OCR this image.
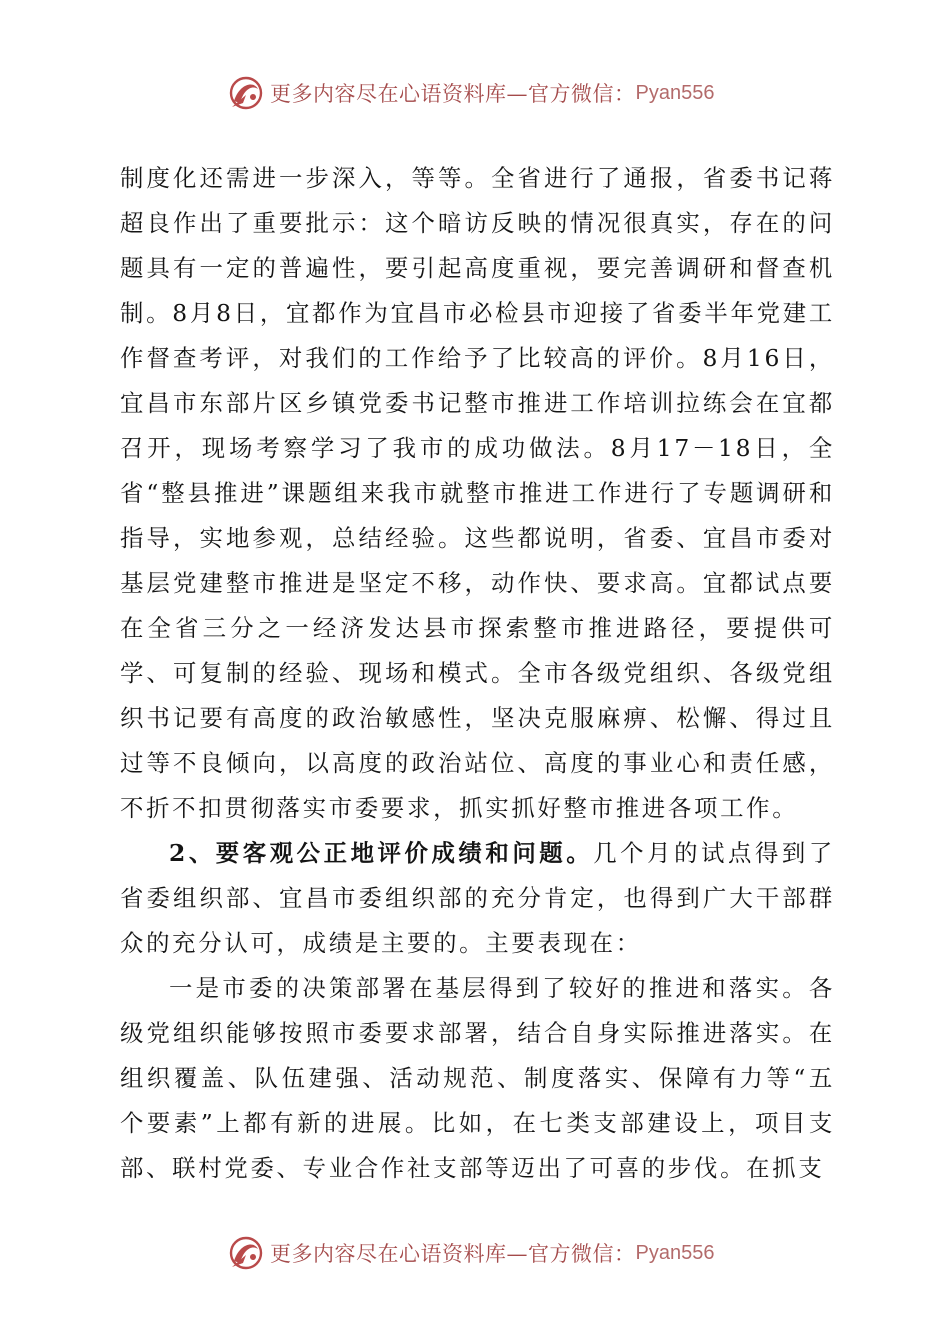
更多内容尽在心语资料库—官方微信： Pyan556

制度化还需进一步深入，等等。全省进行了通报，省委书记蒋超良作出了重要批示：这个暗访反映的情况很真实，存在的问题具有一定的普遍性，要引起高度重视，要完善调研和督查机制。8月8日，宜都作为宜昌市必检县市迎接了省委半年党建工作督查考评，对我们的工作给予了比较高的评价。8月16日，宜昌市东部片区乡镇党委书记整市推进工作培训拉练会在宜都召开，现场考察学习了我市的成功做法。8月17－18日，全省“整县推进”课题组来我市就整市推进工作进行了专题调研和指导，实地参观，总结经验。这些都说明，省委、宜昌市委对基层党建整市推进是坚定不移，动作快、要求高。宜都试点要在全省三分之一经济发达县市探索整市推进路径，要提供可学、可复制的经验、现场和模式。全市各级党组织、各级党组织书记要有高度的政治敏感性，坚决克服麻痹、松懈、得过且过等不良倾向，以高度的政治站位、高度的事业心和责任感，不折不扣贯彻落实市委要求，抓实抓好整市推进各项工作。

2、要客观公正地评价成绩和问题。几个月的试点得到了省委组织部、宜昌市委组织部的充分肯定，也得到广大干部群众的充分认可，成绩是主要的。主要表现在：

一是市委的决策部署在基层得到了较好的推进和落实。各级党组织能够按照市委要求部署，结合自身实际推进落实。在组织覆盖、队伍建强、活动规范、制度落实、保障有力等“五个要素”上都有新的进展。比如，在七类支部建设上，项目支部、联村党委、专业合作社支部等迈出了可喜的步伐。在抓支

更多内容尽在心语资料库—官方微信： Pyan556
